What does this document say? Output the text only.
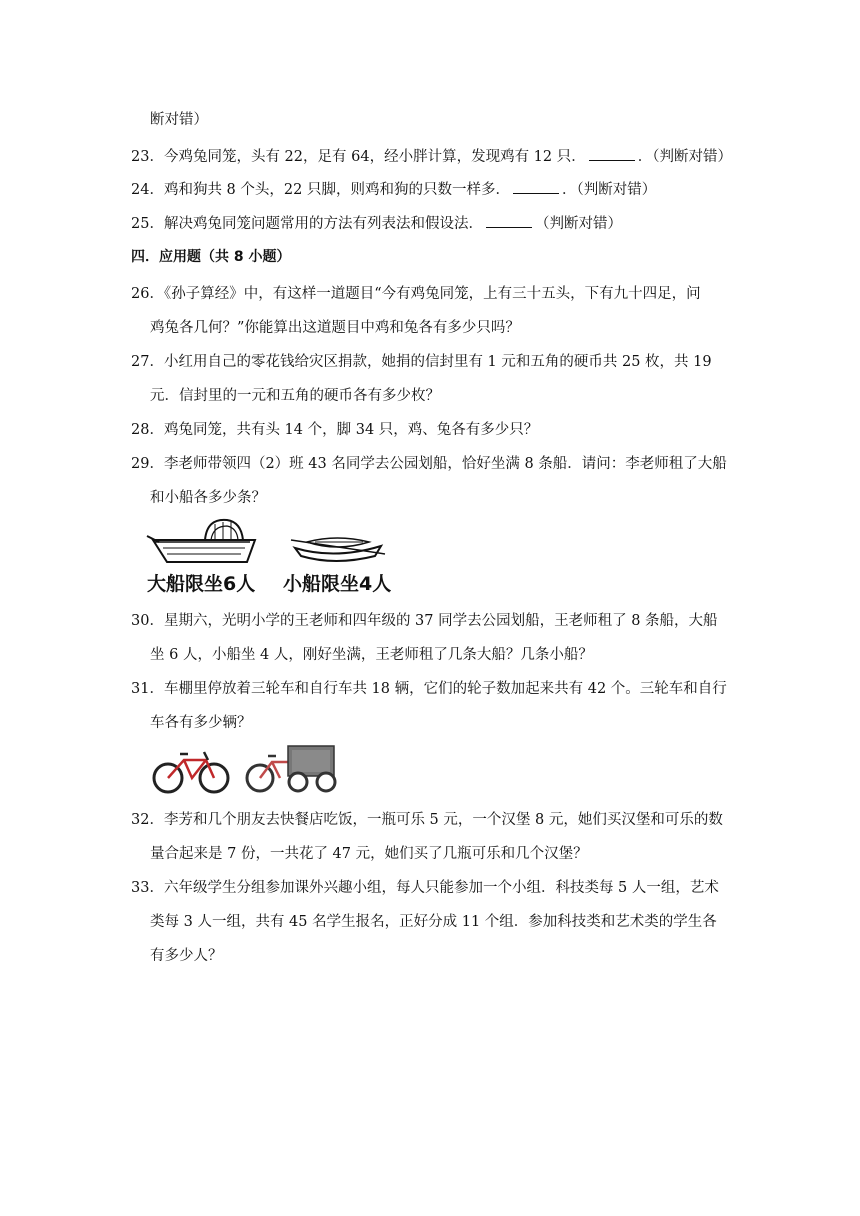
断对错）
23．今鸡兔同笼，头有 22，足有 64，经小胖计算，发现鸡有 12 只．	．（判断对错）
24．鸡和狗共 8 个头，22 只脚，则鸡和狗的只数一样多．	．（判断对错）
25．解决鸡兔同笼问题常用的方法有列表法和假设法．	（判断对错）
四．应用题（共 8 小题）
26．《孙子算经》中，有这样一道题目“今有鸡兔同笼，上有三十五头，下有九十四足，问
鸡兔各几何？”你能算出这道题目中鸡和兔各有多少只吗？
27．小红用自己的零花钱给灾区捐款，她捐的信封里有 1 元和五角的硬币共 25 枚，共 19
元．信封里的一元和五角的硬币各有多少枚？
28．鸡兔同笼，共有头 14 个，脚 34 只，鸡、兔各有多少只？
29．李老师带领四（2）班 43 名同学去公园划船，恰好坐满 8 条船．请问：李老师租了大船
和小船各多少条？
大船限坐6人 小船限坐4人
30．星期六，光明小学的王老师和四年级的 37 同学去公园划船，王老师租了 8 条船，大船
坐 6 人，小船坐 4 人，刚好坐满，王老师租了几条大船？几条小船？
31．车棚里停放着三轮车和自行车共 18 辆，它们的轮子数加起来共有 42 个。三轮车和自行
车各有多少辆？
32．李芳和几个朋友去快餐店吃饭，一瓶可乐 5 元，一个汉堡 8 元，她们买汉堡和可乐的数
量合起来是 7 份，一共花了 47 元，她们买了几瓶可乐和几个汉堡？
33．六年级学生分组参加课外兴趣小组，每人只能参加一个小组．科技类每 5 人一组，艺术
类每 3 人一组，共有 45 名学生报名，正好分成 11 个组．参加科技类和艺术类的学生各
有多少人？
